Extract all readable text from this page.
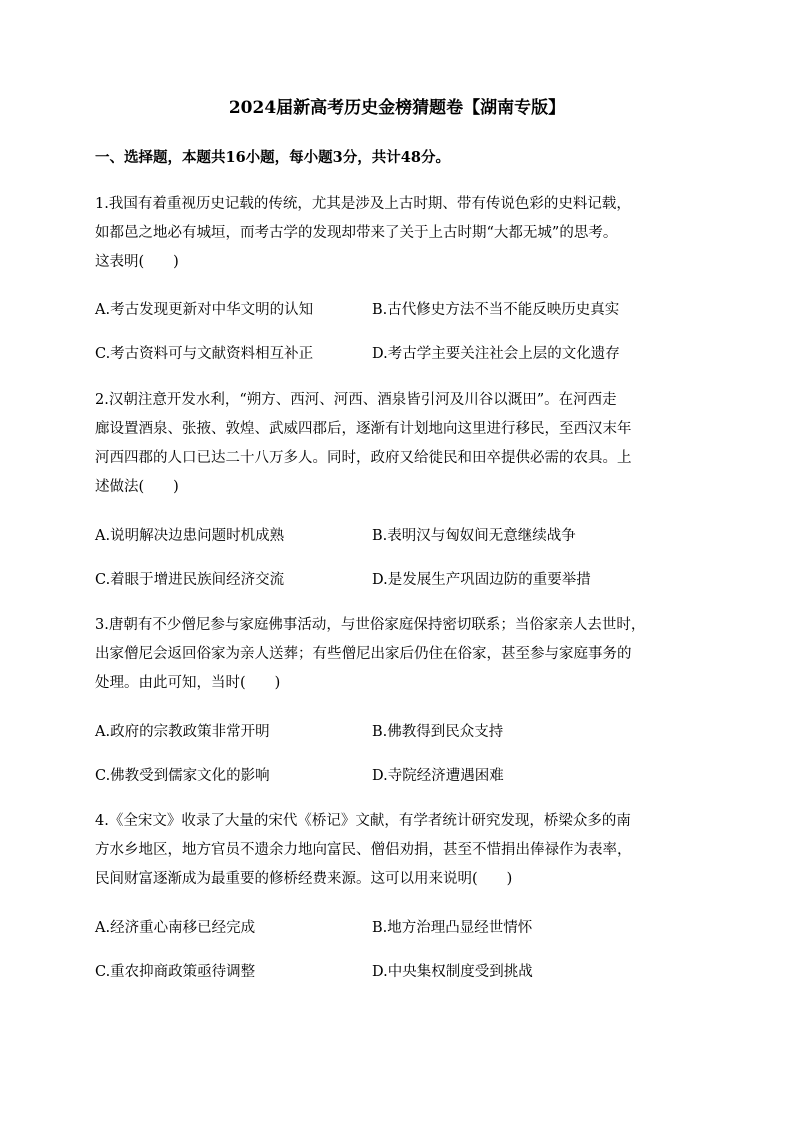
2024届新高考历史金榜猜题卷【湖南专版】
一、选择题，本题共16小题，每小题3分，共计48分。
1.我国有着重视历史记载的传统，尤其是涉及上古时期、带有传说色彩的史料记载，
如都邑之地必有城垣，而考古学的发现却带来了关于上古时期“大都无城”的思考。
这表明(　　)
A.考古发现更新对中华文明的认知	B.古代修史方法不当不能反映历史真实
C.考古资料可与文献资料相互补正	D.考古学主要关注社会上层的文化遗存
2.汉朝注意开发水利，“朔方、西河、河西、酒泉皆引河及川谷以溉田”。在河西走
廊设置酒泉、张掖、敦煌、武威四郡后，逐渐有计划地向这里进行移民，至西汉末年
河西四郡的人口已达二十八万多人。同时，政府又给徙民和田卒提供必需的农具。上
述做法(　　)
A.说明解决边患问题时机成熟	B.表明汉与匈奴间无意继续战争
C.着眼于增进民族间经济交流	D.是发展生产巩固边防的重要举措
3.唐朝有不少僧尼参与家庭佛事活动，与世俗家庭保持密切联系；当俗家亲人去世时，
出家僧尼会返回俗家为亲人送葬；有些僧尼出家后仍住在俗家，甚至参与家庭事务的
处理。由此可知，当时(　　)
A.政府的宗教政策非常开明	B.佛教得到民众支持
C.佛教受到儒家文化的影响	D.寺院经济遭遇困难
4.《全宋文》收录了大量的宋代《桥记》文献，有学者统计研究发现，桥梁众多的南
方水乡地区，地方官员不遗余力地向富民、僧侣劝捐，甚至不惜捐出俸禄作为表率，
民间财富逐渐成为最重要的修桥经费来源。这可以用来说明(　　)
A.经济重心南移已经完成	B.地方治理凸显经世情怀
C.重农抑商政策亟待调整	D.中央集权制度受到挑战
